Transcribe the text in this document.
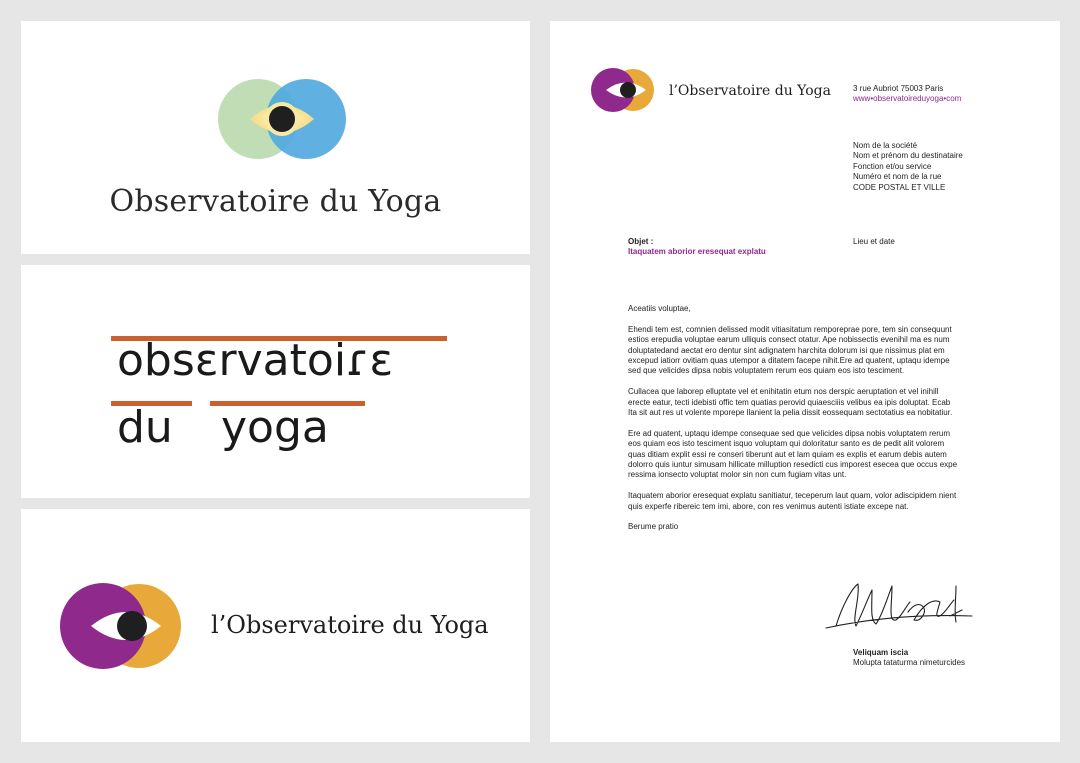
Observatoire du Yoga
obsɛrvatoiɾɛ
du yoga
l’Observatoire du Yoga
l’Observatoire du Yoga	3 rue Aubriot 75003 Paris
www•observatoireduyoga•com
Nom de la société
Nom et prénom du destinataire
Fonction et/ou service
Numéro et nom de la rue
CODE POSTAL ET VILLE
Objet :
Itaquatem aborior eresequat explatu
Lieu et date

Aceatiis voluptae,

Ehendi tem est, comnien delissed modit vitiasitatum remporeprae pore, tem sin consequunt estios erepudia voluptae earum ulliquis consect otatur. Ape nobissectis evenihil ma es num doluptatedand aectat ero dentur sint adignatem harchita dolorum isi que nissimus plat em excepud iatiorr ovitiam quas utempor a ditatem facepe nihit.Ere ad quatent, uptaqu idempe sed que velicides dipsa nobis voluptatem rerum eos quiam eos isto tesciment.

Cullacea que laborep elluptate vel et enihitatin etum nos derspic aeruptation et vel inihill erecte eatur, tecti idebisti offic tem quatias perovid quiaesciiis velibus ea ipis doluptat. Ecab Ita sit aut res ut volente mporepe llanient la pelia dissit eossequam sectotatius ea nobitatiur.

Ere ad quatent, uptaqu idempe consequae sed que velicides dipsa nobis voluptatem rerum eos quiam eos isto tesciment isquo voluptam qui doloritatur santo es de pedit alit volorem quas ditiam explit essi re conseri tiberunt aut et lam quiam es explis et earum debis autem dolorro quis iuntur simusam hillicate milluption resedicti cus imporest esecea que occus expe ressima ionsecto voluptat molor sin non cum fugiam vitas unt.

Itaquatem aborior eresequat explatu sanitiatur, teceperum laut quam, volor adiscipidem nient quis experfe ribereic tem imi, abore, con res venimus autenti istiate excepe nat.

Berume pratio

Veliquam iscia
Molupta tataturma nimeturcides
